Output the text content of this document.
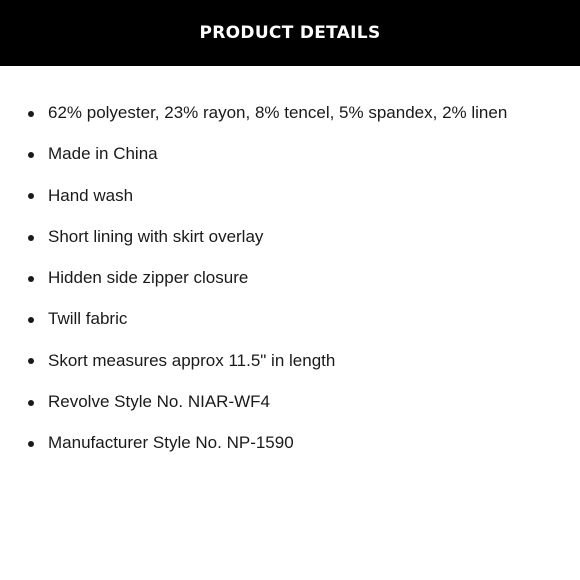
PRODUCT DETAILS
62% polyester, 23% rayon, 8% tencel, 5% spandex, 2% linen
Made in China
Hand wash
Short lining with skirt overlay
Hidden side zipper closure
Twill fabric
Skort measures approx 11.5" in length
Revolve Style No. NIAR-WF4
Manufacturer Style No. NP-1590
